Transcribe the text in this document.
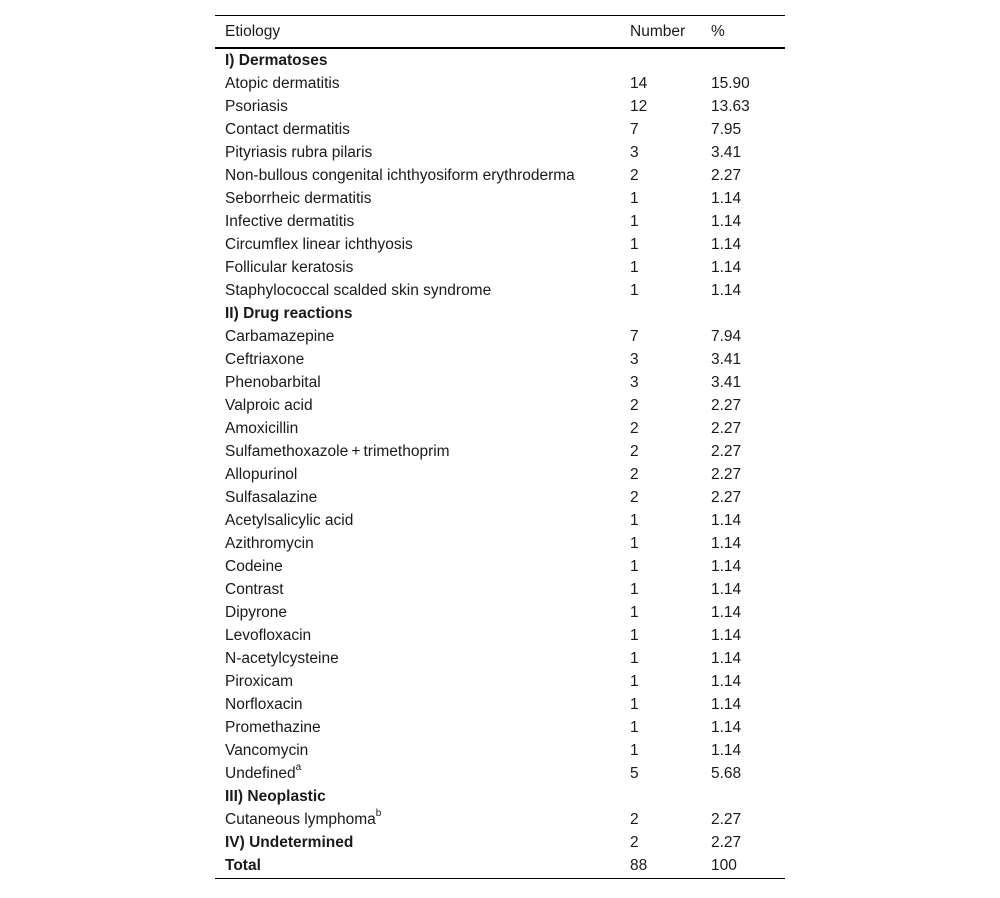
Etiology	Number	%
I) Dermatoses		
Atopic dermatitis	14	15.90
Psoriasis	12	13.63
Contact dermatitis	7	7.95
Pityriasis rubra pilaris	3	3.41
Non-bullous congenital ichthyosiform erythroderma	2	2.27
Seborrheic dermatitis	1	1.14
Infective dermatitis	1	1.14
Circumflex linear ichthyosis	1	1.14
Follicular keratosis	1	1.14
Staphylococcal scalded skin syndrome	1	1.14
II) Drug reactions		
Carbamazepine	7	7.94
Ceftriaxone	3	3.41
Phenobarbital	3	3.41
Valproic acid	2	2.27
Amoxicillin	2	2.27
Sulfamethoxazole + trimethoprim	2	2.27
Allopurinol	2	2.27
Sulfasalazine	2	2.27
Acetylsalicylic acid	1	1.14
Azithromycin	1	1.14
Codeine	1	1.14
Contrast	1	1.14
Dipyrone	1	1.14
Levofloxacin	1	1.14
N-acetylcysteine	1	1.14
Piroxicam	1	1.14
Norfloxacin	1	1.14
Promethazine	1	1.14
Vancomycin	1	1.14
Undefined$^a$	5	5.68
III) Neoplastic		
Cutaneous lymphoma$^b$	2	2.27
IV) Undetermined	2	2.27
Total	88	100
